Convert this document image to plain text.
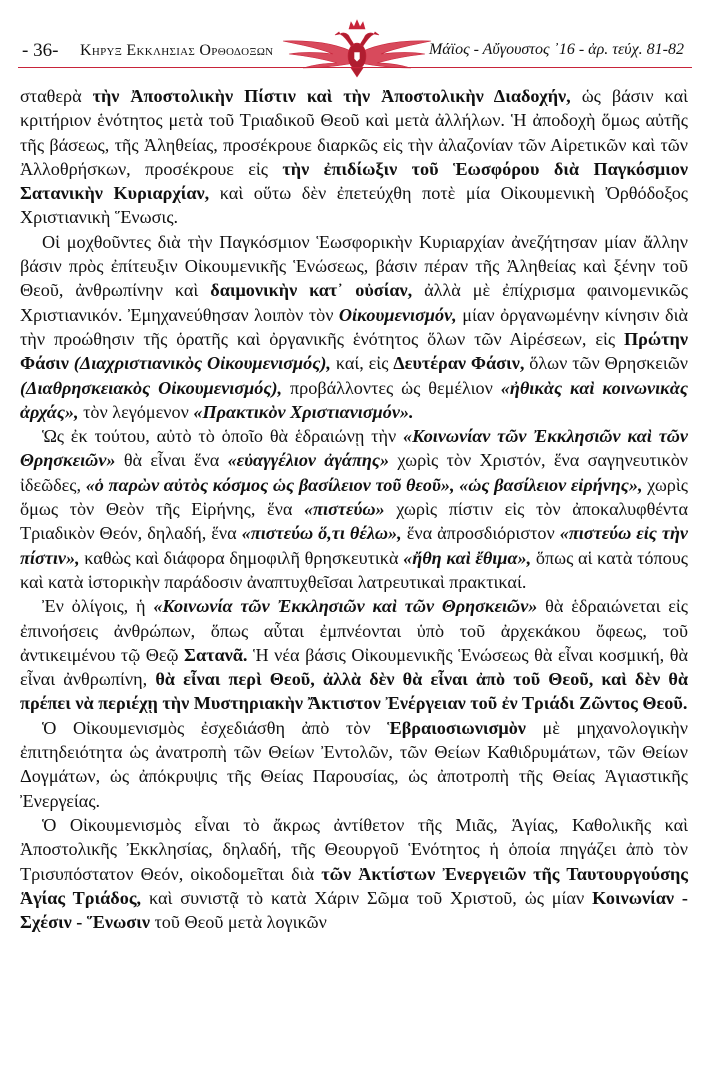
- 36- Κηρυξ Εκκλησιας Ορθοδοξων	Μάϊος - Αὔγουστος ᾿16 - ἀρ. τεύχ. 81-82

σταθερὰ τὴν Ἀποστολικὴν Πίστιν καὶ τὴν Ἀποστολικὴν Διαδοχήν, ὡς βάσιν καὶ κριτήριον ἑνότητος μετὰ τοῦ Τριαδικοῦ Θεοῦ καὶ μετὰ ἀλλήλων. Ἡ ἀποδοχὴ ὅμως αὐτῆς τῆς βάσεως, τῆς Ἀληθείας, προσέκρουε διαρκῶς εἰς τὴν ἀλαζονίαν τῶν Αἱρετικῶν καὶ τῶν Ἀλλοθρήσκων, προσέκρουε εἰς τὴν ἐπιδίωξιν τοῦ Ἑωσφόρου διὰ Παγκόσμιον Σατανικὴν Κυριαρχίαν, καὶ οὕτω δὲν ἐπετεύχθη ποτὲ μία Οἰκουμενικὴ Ὀρθόδοξος Χριστιανικὴ Ἕνωσις.

Οἱ μοχθοῦντες διὰ τὴν Παγκόσμιον Ἑωσφορικὴν Κυριαρχίαν ἀνεζήτησαν μίαν ἄλλην βάσιν πρὸς ἐπίτευξιν Οἰκουμενικῆς Ἑνώσεως, βάσιν πέραν τῆς Ἀληθείας καὶ ξένην τοῦ Θεοῦ, ἀνθρωπίνην καὶ δαιμονικὴν κατ᾿ οὐσίαν, ἀλλὰ μὲ ἐπίχρισμα φαινομενικῶς Χριστιανικόν. Ἐμηχανεύθησαν λοιπὸν τὸν Οἰκουμενισμόν, μίαν ὀργανωμένην κίνησιν διὰ τὴν προώθησιν τῆς ὁρατῆς καὶ ὀργανικῆς ἑνότητος ὅλων τῶν Αἱρέσεων, εἰς Πρώτην Φάσιν (Διαχριστιανικὸς Οἰκουμενισμός), καί, εἰς Δευτέραν Φάσιν, ὅλων τῶν Θρησκειῶν (Διαθρησκειακὸς Οἰκουμενισμός), προβάλλοντες ὡς θεμέλιον «ἠθικὰς καὶ κοινωνικὰς ἀρχάς», τὸν λεγόμενον «Πρακτικὸν Χριστιανισμόν».

Ὡς ἐκ τούτου, αὐτὸ τὸ ὁποῖο θὰ ἑδραιώνῃ τὴν «Κοινωνίαν τῶν Ἐκκλησιῶν καὶ τῶν Θρησκειῶν» θὰ εἶναι ἕνα «εὐαγγέλιον ἀγάπης» χωρὶς τὸν Χριστόν, ἕνα σαγηνευτικὸν ἰδεῶδες, «ὁ παρὼν αὐτὸς κόσμος ὡς βασίλειον τοῦ θεοῦ», «ὡς βασίλειον εἰρήνης», χωρὶς ὅμως τὸν Θεὸν τῆς Εἰρήνης, ἕνα «πιστεύω» χωρὶς πίστιν εἰς τὸν ἀποκαλυφθέντα Τριαδικὸν Θεόν, δηλαδή, ἕνα «πιστεύω ὅ,τι θέλω», ἕνα ἀπροσδιόριστον «πιστεύω εἰς τὴν πίστιν», καθὼς καὶ διάφορα δημοφιλῆ θρησκευτικὰ «ἤθη καὶ ἔθιμα», ὅπως αἱ κατὰ τόπους καὶ κατὰ ἱστορικὴν παράδοσιν ἀναπτυχθεῖσαι λατρευτικαὶ πρακτικαί.

Ἐν ὀλίγοις, ἡ «Κοινωνία τῶν Ἐκκλησιῶν καὶ τῶν Θρησκειῶν» θὰ ἑδραιώνεται εἰς ἐπινοήσεις ἀνθρώπων, ὅπως αὗται ἐμπνέονται ὑπὸ τοῦ ἀρχεκάκου ὄφεως, τοῦ ἀντικειμένου τῷ Θεῷ Σατανᾶ. Ἡ νέα βάσις Οἰκουμενικῆς Ἑνώσεως θὰ εἶναι κοσμική, θὰ εἶναι ἀνθρωπίνη, θὰ εἶναι περὶ Θεοῦ, ἀλλὰ δὲν θὰ εἶναι ἀπὸ τοῦ Θεοῦ, καὶ δὲν θὰ πρέπει νὰ περιέχῃ τὴν Μυστηριακὴν Ἄκτιστον Ἐνέργειαν τοῦ ἐν Τριάδι Ζῶντος Θεοῦ.

Ὁ Οἰκουμενισμὸς ἐσχεδιάσθη ἀπὸ τὸν Ἑβραιοσιωνισμὸν μὲ μηχανολογικὴν ἐπιτηδειότητα ὡς ἀνατροπὴ τῶν Θείων Ἐντολῶν, τῶν Θείων Καθιδρυμάτων, τῶν Θείων Δογμάτων, ὡς ἀπόκρυψις τῆς Θείας Παρουσίας, ὡς ἀποτροπὴ τῆς Θείας Ἁγιαστικῆς Ἐνεργείας.

Ὁ Οἰκουμενισμὸς εἶναι τὸ ἄκρως ἀντίθετον τῆς Μιᾶς, Ἁγίας, Καθολικῆς καὶ Ἀποστολικῆς Ἐκκλησίας, δηλαδή, τῆς Θεουργοῦ Ἑνότητος ἡ ὁποία πηγάζει ἀπὸ τὸν Τρισυπόστατον Θεόν, οἰκοδομεῖται διὰ τῶν Ἀκτίστων Ἐνεργειῶν τῆς Ταυτουργούσης Ἁγίας Τριάδος, καὶ συνιστᾷ τὸ κατὰ Χάριν Σῶμα τοῦ Χριστοῦ, ὡς μίαν Κοινωνίαν - Σχέσιν - Ἕνωσιν τοῦ Θεοῦ μετὰ λογικῶν
